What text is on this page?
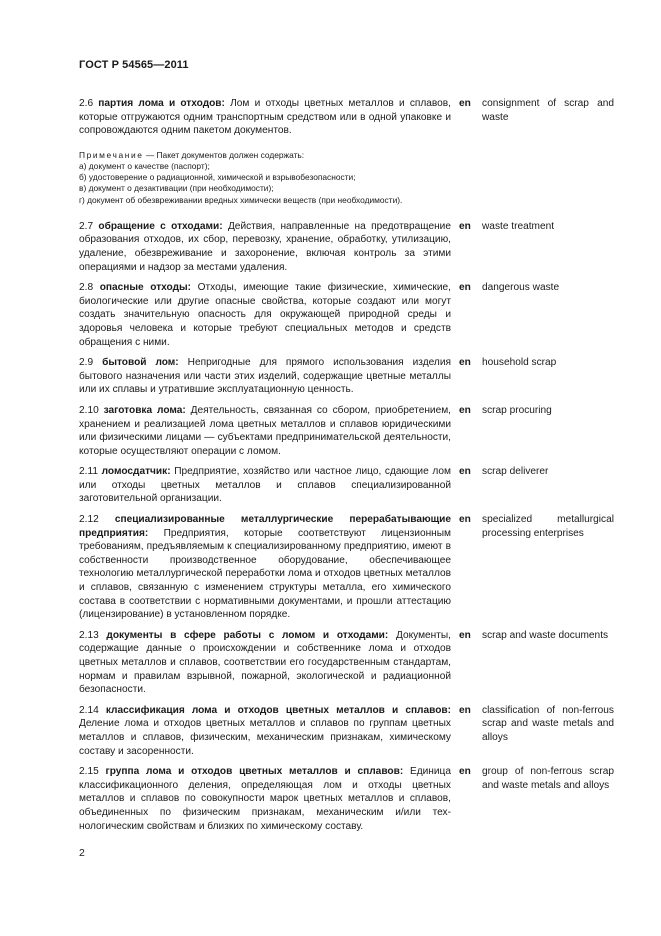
ГОСТ Р 54565—2011
2.6 партия лома и отходов: Лом и отходы цветных металлов и сплавов, которые отгружаются одним транспортным средством или в одной упаковке и сопровождаются одним пакетом документов.
en	consignment of scrap and waste
Примечание — Пакет документов должен содержать:
а) документ о качестве (паспорт);
б) удостоверение о радиационной, химической и взрывобезопасности;
в) документ о дезактивации (при необходимости);
г) документ об обезвреживании вредных химически веществ (при необходимости).
2.7 обращение с отходами: Действия, направленные на предотвращение образования отходов, их сбор, перевозку, хранение, обработку, утилизацию, удаление, обезвреживание и захоронение, включая контроль за этими операциями и надзор за местами удаления.
en	waste treatment
2.8 опасные отходы: Отходы, имеющие такие физические, химические, биологические или другие опасные свойства, которые создают или могут создать значительную опасность для окружающей природной среды и здоровья человека и которые требуют специальных методов и средств обращения с ними.
en	dangerous waste
2.9 бытовой лом: Непригодные для прямого использования изделия бытового назначения или части этих изделий, содержащие цветные металлы или их сплавы и утратившие эксплуатационную ценность.
en	household scrap
2.10 заготовка лома: Деятельность, связанная со сбором, приобретением, хранением и реализацией лома цветных металлов и сплавов юридическими или физическими лицами — субъектами предпринимательской деятельности, которые осуществляют операции с ломом.
en	scrap procuring
2.11 ломосдатчик: Предприятие, хозяйство или частное лицо, сдающие лом или отходы цветных металлов и сплавов специализированной заготовительной организации.
en	scrap deliverer
2.12 специализированные металлургические перерабатывающие предприятия: Предприятия, которые соответствуют лицензионным требованиям, предъявляемым к специализированному предприятию, имеют в собственности производственное оборудование, обеспечивающее технологию металлургической переработки лома и отходов цветных металлов и сплавов, связанную с изменением структуры металла, его химического состава в соответствии с нормативными документами, и прошли аттестацию (лицензирование) в установленном порядке.
en	specialized metallurgical processing enterprises
2.13 документы в сфере работы с ломом и отходами: Документы, содержащие данные о происхождении и собственнике лома и отходов цветных металлов и сплавов, соответствии его государственным стандартам, нормам и правилам взрывной, пожарной, экологической и радиационной безопасности.
en	scrap and waste documents
2.14 классификация лома и отходов цветных металлов и сплавов: Деление лома и отходов цветных металлов и сплавов по группам цветных металлов и сплавов, физическим, механическим признакам, химическому составу и засоренности.
en	classification of non-ferrous scrap and waste metals and alloys
2.15 группа лома и отходов цветных металлов и сплавов: Единица классификационного деления, определяющая лом и отходы цветных металлов и сплавов по совокупности марок цветных металлов и сплавов, объединенных по физическим признакам, механическим и/или технологическим свойствам и близких по химическому составу.
en	group of non-ferrous scrap and waste metals and alloys
2
